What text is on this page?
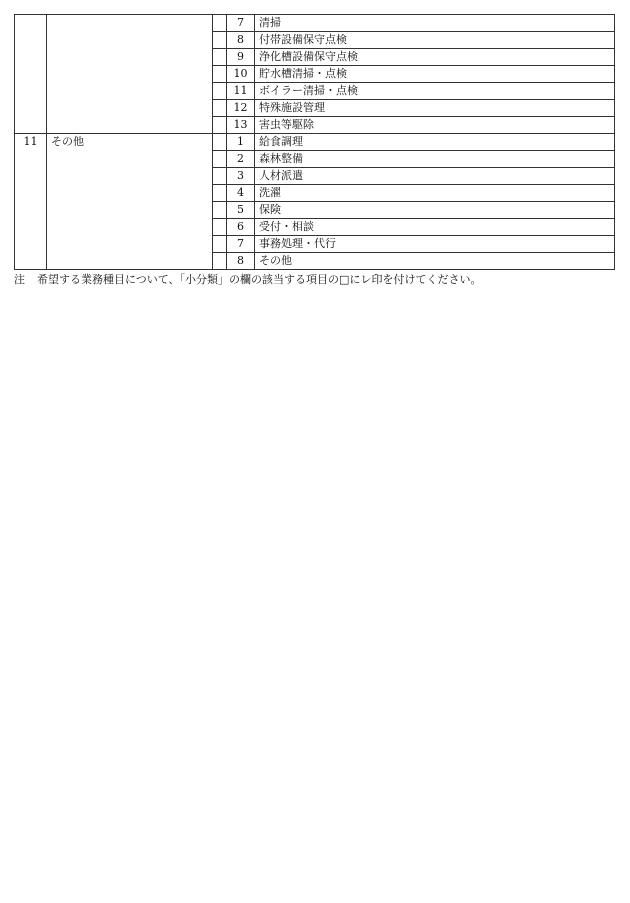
			7	清掃
			8	付帯設備保守点検
			9	浄化槽設備保守点検
			10	貯水槽清掃・点検
			11	ボイラー清掃・点検
			12	特殊施設管理
			13	害虫等駆除
11	その他		1	給食調理
			2	森林整備
			3	人材派遣
			4	洗濯
			5	保険
			6	受付・相談
			7	事務処理・代行
			8	その他
注 希望する業務種目について、「小分類」の欄の該当する項目の□にレ印を付けてください。
